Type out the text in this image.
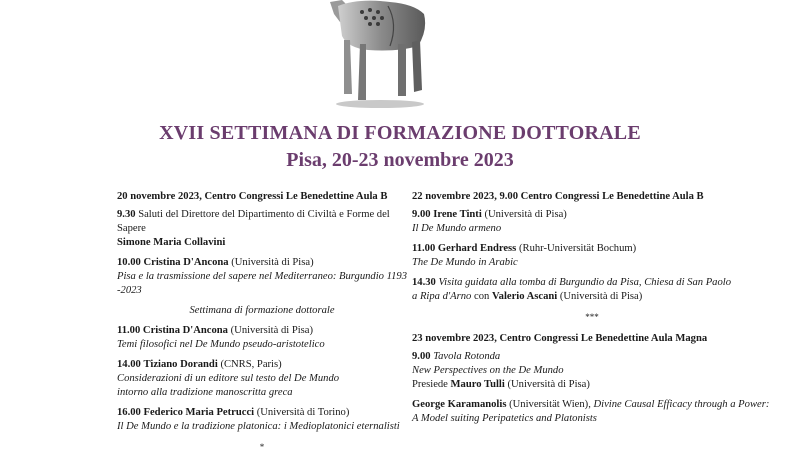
XVII SETTIMANA DI FORMAZIONE DOTTORALE
Pisa, 20-23 novembre 2023
20 novembre 2023, Centro Congressi Le Benedettine Aula B
9.30 Saluti del Direttore del Dipartimento di Civiltà e Forme del Sapere
Simone Maria Collavini
10.00 Cristina D'Ancona (Università di Pisa)
Pisa e la trasmissione del sapere nel Mediterraneo: Burgundio 1193 -2023
Settimana di formazione dottorale
11.00 Cristina D'Ancona (Università di Pisa)
Temi filosofici nel De Mundo pseudo-aristotelico
14.00 Tiziano Dorandi (CNRS, Paris)
Considerazioni di un editore sul testo del De Mundo
intorno alla tradizione manoscritta greca
16.00 Federico Maria Petrucci (Università di Torino)
Il De Mundo e la tradizione platonica: i Medioplatonici eternalisti
*
22 novembre 2023, 9.00 Centro Congressi Le Benedettine Aula B
9.00 Irene Tinti (Università di Pisa)
Il De Mundo armeno
11.00 Gerhard Endress (Ruhr-Universität Bochum)
The De Mundo in Arabic
14.30 Visita guidata alla tomba di Burgundio da Pisa, Chiesa di San Paolo
a Ripa d'Arno con Valerio Ascani (Università di Pisa)
***
23 novembre 2023, Centro Congressi Le Benedettine Aula Magna
9.00 Tavola Rotonda
New Perspectives on the De Mundo
Presiede Mauro Tulli (Università di Pisa)
George Karamanolis (Universität Wien), Divine Causal Efficacy through a Power:
A Model suiting Peripatetics and Platonists
